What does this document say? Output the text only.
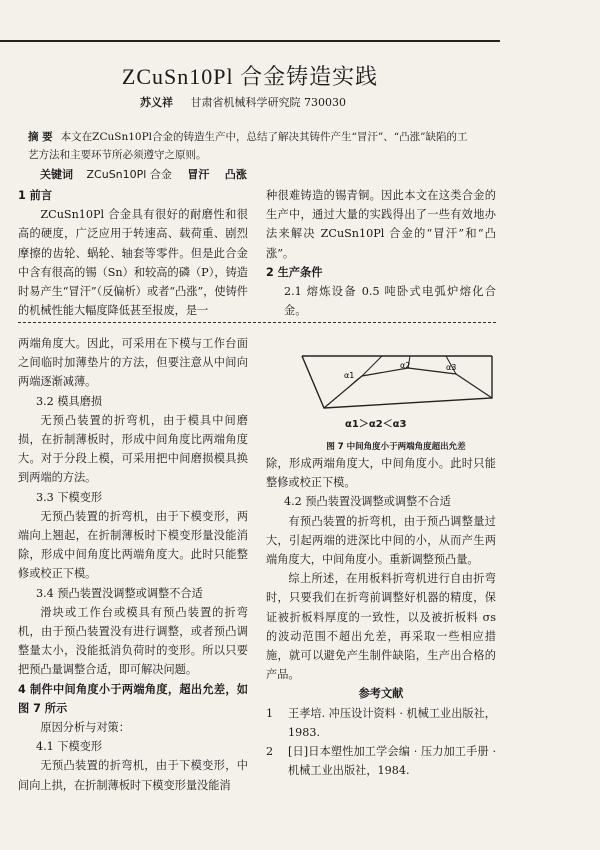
ZCuSn10Pl 合金铸造实践
苏义祥 甘肃省机械科学研究院 730030
摘 要 本文在ZCuSn10Pl合金的铸造生产中，总结了解决其铸件产生“冒汗”、“凸涨”缺陷的工艺方法和主要环节所必须遵守之原则。
关键词 ZCuSn10Pl 合金 冒汗 凸涨

1 前言

ZCuSn10Pl 合金具有很好的耐磨性和很高的硬度，广泛应用于转速高、载荷重、剧烈摩擦的齿轮、蜗轮、轴套等零件。但是此合金中含有很高的锡（Sn）和较高的磷（P），铸造时易产生“冒汗”（反偏析）或者“凸涨”，使铸件的机械性能大幅度降低甚至报废，是一

种很难铸造的锡青铜。因此本文在这类合金的生产中，通过大量的实践得出了一些有效地办法来解决 ZCuSn10Pl 合金的“冒汗”和“凸涨”。

2 生产条件

2.1 熔炼设备 0.5 吨卧式电弧炉熔化合金。

两端角度大。因此，可采用在下模与工作台面之间临时加薄垫片的方法，但要注意从中间向两端逐渐减薄。

3.2 模具磨损

无预凸装置的折弯机，由于模具中间磨损，在折制薄板时，形成中间角度比两端角度大。对于分段上模，可采用把中间磨损模具换到两端的方法。

3.3 下模变形

无预凸装置的折弯机，由于下模变形，两端向上翘起，在折制薄板时下模变形量没能消除，形成中间角度比两端角度大。此时只能整修或校正下模。

3.4 预凸装置没调整或调整不合适

滑块或工作台或模具有预凸装置的折弯机，由于预凸装置没有进行调整，或者预凸调整量太小，没能抵消负荷时的变形。所以只要把预凸量调整合适，即可解决问题。

4 制件中间角度小于两端角度，超出允差，如图 7 所示

原因分析与对策：

4.1 下模变形

无预凸装置的折弯机，由于下模变形，中间向上拱，在折制薄板时下模变形量没能消

α1
α2	α3
α1＞α2＜α3
图 7 中间角度小于两端角度超出允差

除，形成两端角度大，中间角度小。此时只能整修或校正下模。

4.2 预凸装置没调整或调整不合适

有预凸装置的折弯机，由于预凸调整量过大，引起两端的进深比中间的小，从而产生两端角度大，中间角度小。重新调整预凸量。

综上所述，在用板料折弯机进行自由折弯时，只要我们在折弯前调整好机器的精度，保证被折板料厚度的一致性，以及被折板料 σs 的波动范围不超出允差，再采取一些相应措施，就可以避免产生制件缺陷，生产出合格的产品。

参考文献

1	王孝培. 冲压设计资料 · 机械工业出版社，1983.
2	[日]日本塑性加工学会编 · 压力加工手册 · 机械工业出版社，1984.
